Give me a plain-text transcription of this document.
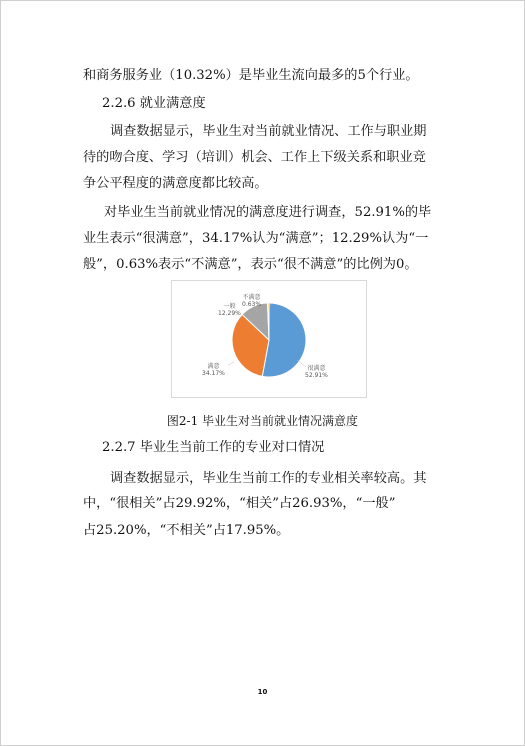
和商务服务业（10.32%）是毕业生流向最多的5个行业。
2.2.6 就业满意度
调查数据显示，毕业生对当前就业情况、工作与职业期
待的吻合度、学习（培训）机会、工作上下级关系和职业竞
争公平程度的满意度都比较高。
对毕业生当前就业情况的满意度进行调查，52.91%的毕
业生表示“很满意”，34.17%认为“满意”；12.29%认为“一
般”，0.63%表示“不满意”，表示“很不满意”的比例为0。
不满意
0.63%
一般
12.29%
满意
34.17%
很满意
52.91%
图2-1 毕业生对当前就业情况满意度
2.2.7 毕业生当前工作的专业对口情况
调查数据显示，毕业生当前工作的专业相关率较高。其
中，“很相关”占29.92%，“相关”占26.93%，“一般”
占25.20%，“不相关”占17.95%。
10
